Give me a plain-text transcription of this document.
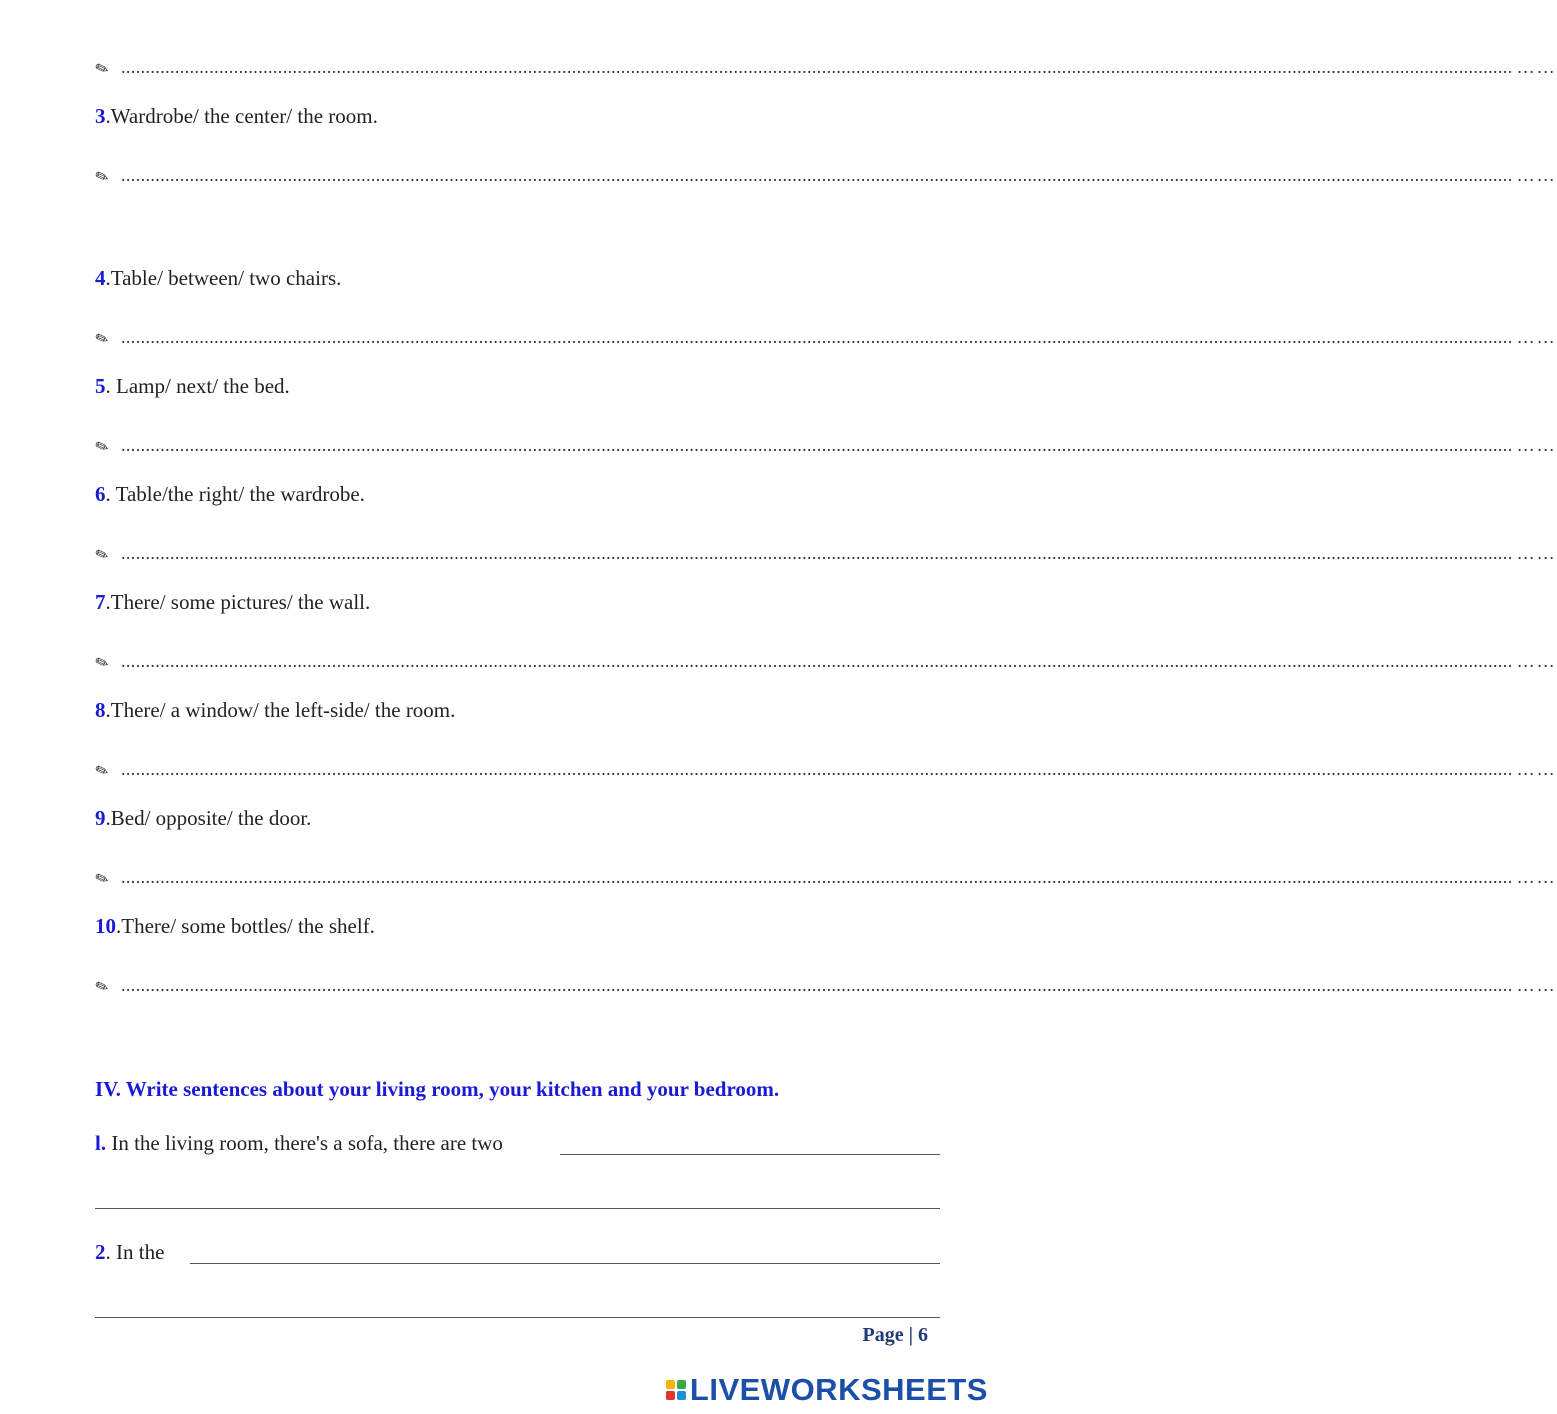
✎ ............................................................................................................................................................................................................................................................................................ ……
3.Wardrobe/ the center/ the room.
✎ ............................................................................................................................................................................................................................................................................................ ……
4.Table/ between/ two chairs.
✎ ............................................................................................................................................................................................................................................................................................ ……
5. Lamp/ next/ the bed.
✎ ............................................................................................................................................................................................................................................................................................ ……
6. Table/the right/ the wardrobe.
✎ ............................................................................................................................................................................................................................................................................................ ……
7.There/ some pictures/ the wall.
✎ ............................................................................................................................................................................................................................................................................................ ……
8.There/ a window/ the left-side/ the room.
✎ ............................................................................................................................................................................................................................................................................................ ……
9.Bed/ opposite/ the door.
✎ ............................................................................................................................................................................................................................................................................................ ……
10.There/ some bottles/ the shelf.
✎ ............................................................................................................................................................................................................................................................................................ ……
IV. Write sentences about your living room, your kitchen and your bedroom.
l. In the living room, there's a sofa, there are two
2. In the
Page | 6
LIVEWORKSHEETS
